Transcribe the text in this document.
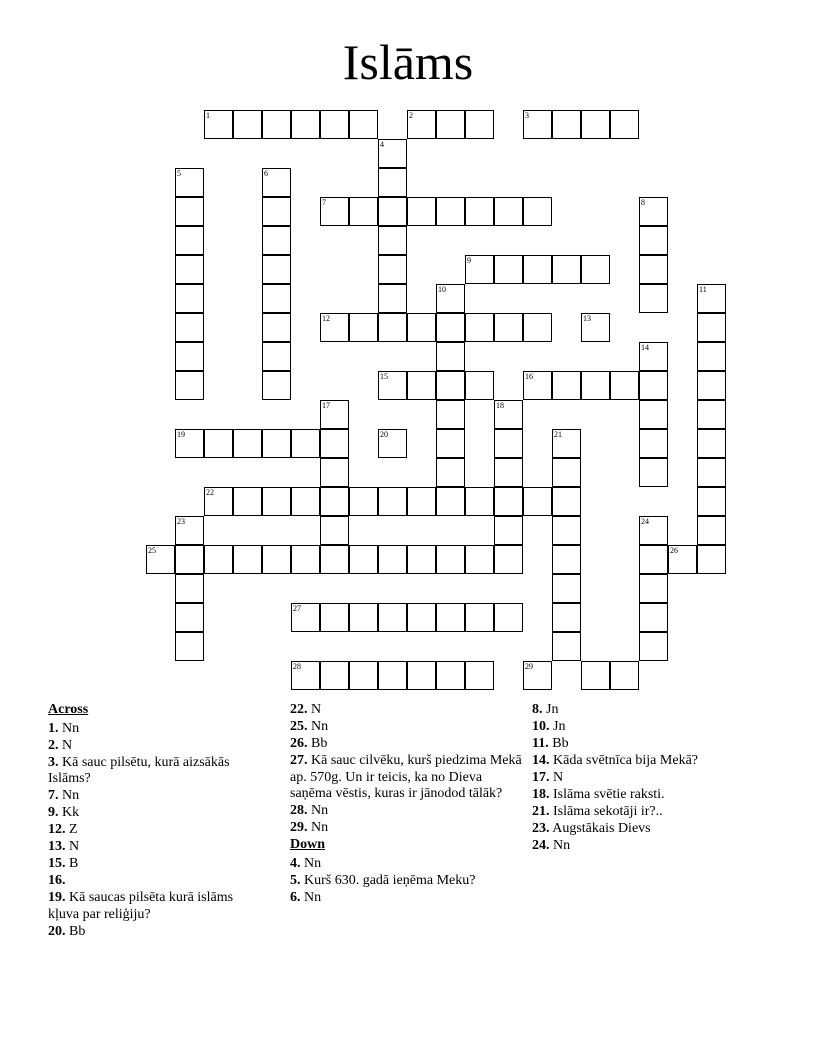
Islāms
1	2	3
4
5	6
7	8
9
10	11
12	13
14
15	16
17	18
19	20	21
22
23	24
25	26
27
28	29
Across
1. Nn
2. N
3. Kā sauc pilsētu, kurā aizsākās Islāms?
7. Nn
9. Kk
12. Z
13. N
15. B
16.
19. Kā saucas pilsēta kurā islāms kļuva par reliģiju?
20. Bb
22. N
25. Nn
26. Bb
27. Kā sauc cilvēku, kurš piedzima Mekā ap. 570g. Un ir teicis, ka no Dieva saņēma vēstis, kuras ir jānodod tālāk?
28. Nn
29. Nn
Down
4. Nn
5. Kurš 630. gadā ieņēma Meku?
6. Nn
8. Jn
10. Jn
11. Bb
14. Kāda svētnīca bija Mekā?
17. N
18. Islāma svētie raksti.
21. Islāma sekotāji ir?..
23. Augstākais Dievs
24. Nn
